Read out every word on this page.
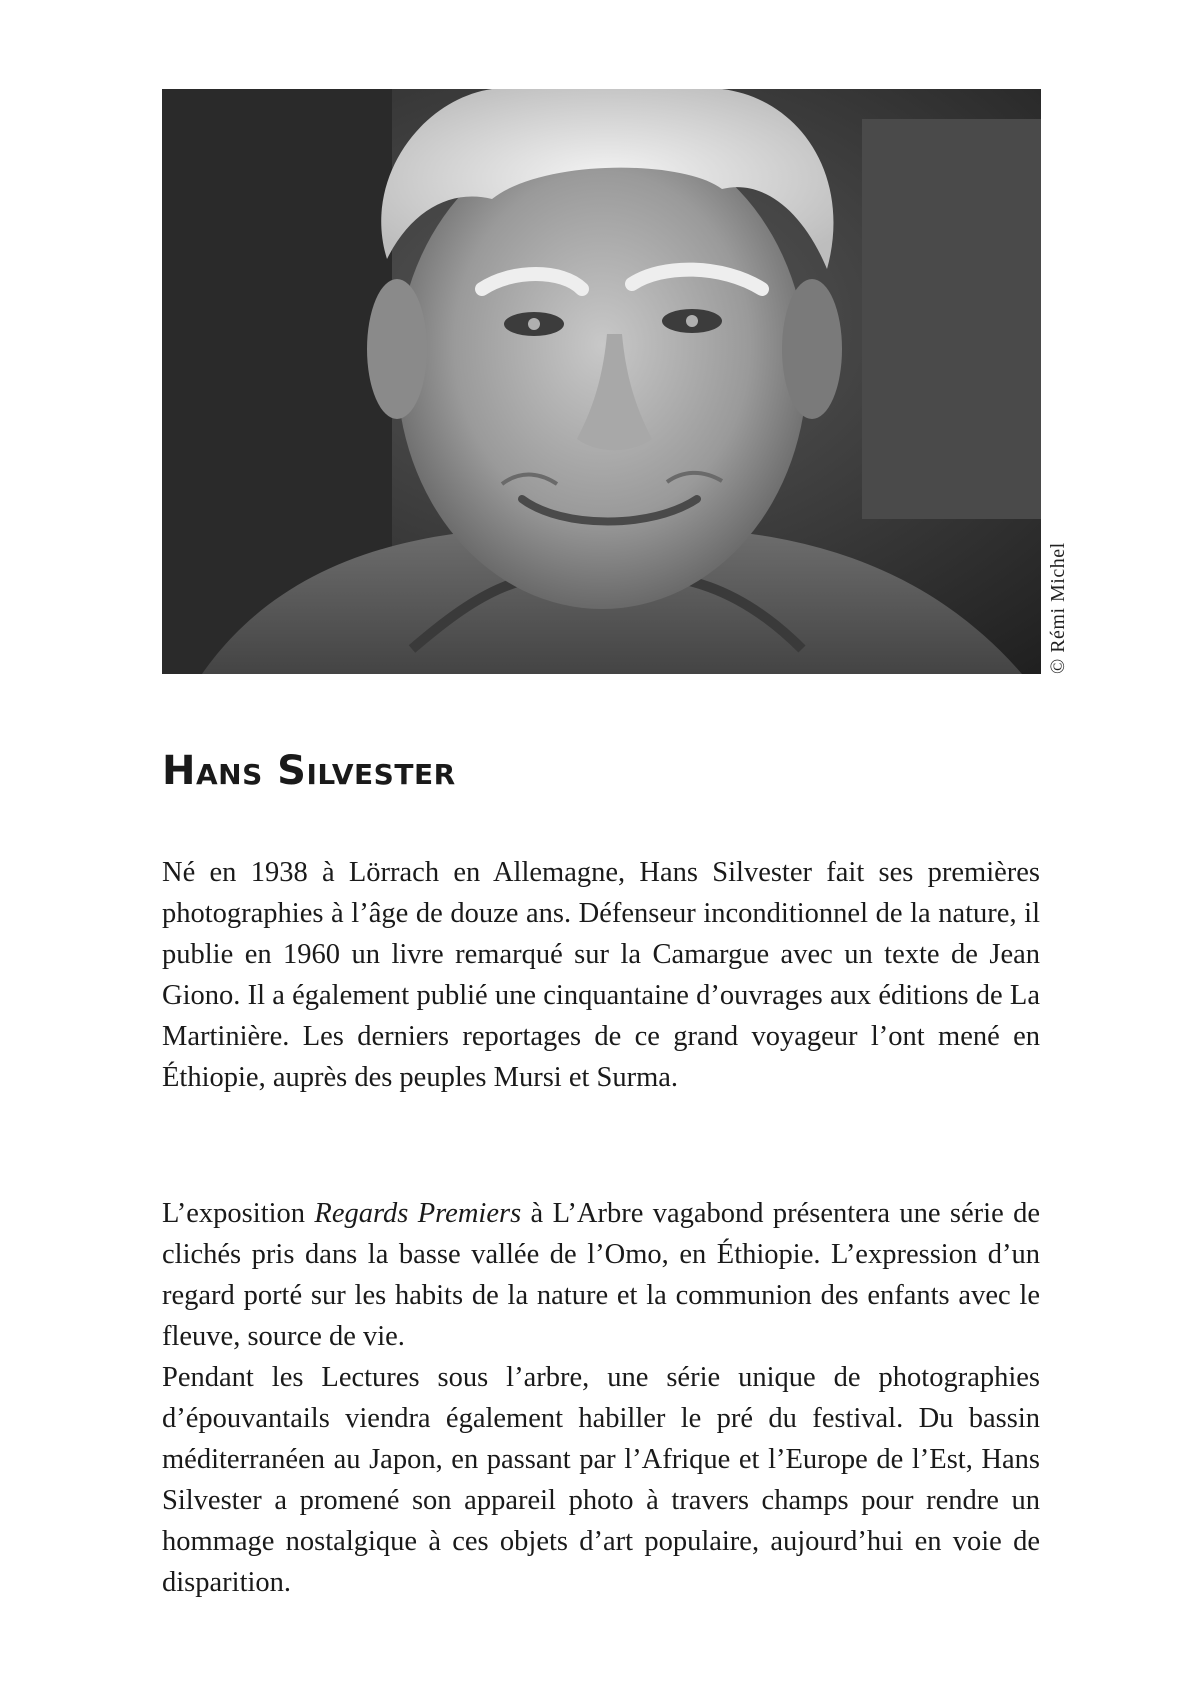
© Rémi Michel
Hans Silvester

Né en 1938 à Lörrach en Allemagne, Hans Silvester fait ses premières photographies à l’âge de douze ans. Défenseur inconditionnel de la nature, il publie en 1960 un livre remarqué sur la Camargue avec un texte de Jean Giono. Il a également publié une cinquantaine d’ouvrages aux éditions de La Martinière. Les derniers reportages de ce grand voyageur l’ont mené en Éthiopie, auprès des peuples Mursi et Surma.

L’exposition Regards Premiers à L’Arbre vagabond présentera une série de clichés pris dans la basse vallée de l’Omo, en Éthiopie. L’expression d’un regard porté sur les habits de la nature et la communion des enfants avec le fleuve, source de vie.
Pendant les Lectures sous l’arbre, une série unique de photographies d’épouvantails viendra également habiller le pré du festival. Du bassin méditerranéen au Japon, en passant par l’Afrique et l’Europe de l’Est, Hans Silvester a promené son appareil photo à travers champs pour rendre un hommage nostalgique à ces objets d’art populaire, aujourd’hui en voie de disparition.
